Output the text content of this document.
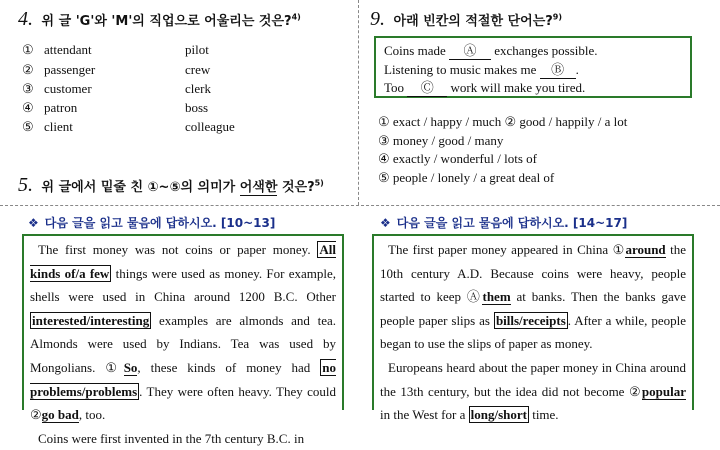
4. 위 글 'G'와 'M'의 직업으로 어울리는 것은?$^{4)}$
① attendant	pilot
② passenger	crew
③ customer	clerk
④ patron	boss
⑤ client	colleague
5. 위 글에서 밑줄 친 ①~⑤의 의미가 어색한 것은?$^{5)}$
9. 아래 빈칸의 적절한 단어는?$^{9)}$
Coins made Ⓐ exchanges possible.
Listening to music makes me Ⓑ .
Too Ⓒ work will make you tired.
① exact / happy / much ② good / happily / a lot
③ money / good / many
④ exactly / wonderful / lots of
⑤ people / lonely / a great deal of
❖ 다음 글을 읽고 물음에 답하시오. [10~13]	❖ 다음 글을 읽고 물음에 답하시오. [14~17]

The first money was not coins or paper money. All kinds of/a few things were used as money. For example, shells were used in China around 1200 B.C. Other interested/interesting examples are almonds and tea. Almonds were used by Indians. Tea was used by Mongolians. ①So, these kinds of money had no problems/problems . They were often heavy. They could ②go bad, too.

Coins were first invented in the 7th century B.C. in

The first paper money appeared in China ①around the 10th century A.D. Because coins were heavy, people started to keep Ⓐthem at banks. Then the banks gave people paper slips as bills/receipts . After a while, people began to use the slips of paper as money.

Europeans heard about the paper money in China around the 13th century, but the idea did not become ②popular in the West for a long/short time.
